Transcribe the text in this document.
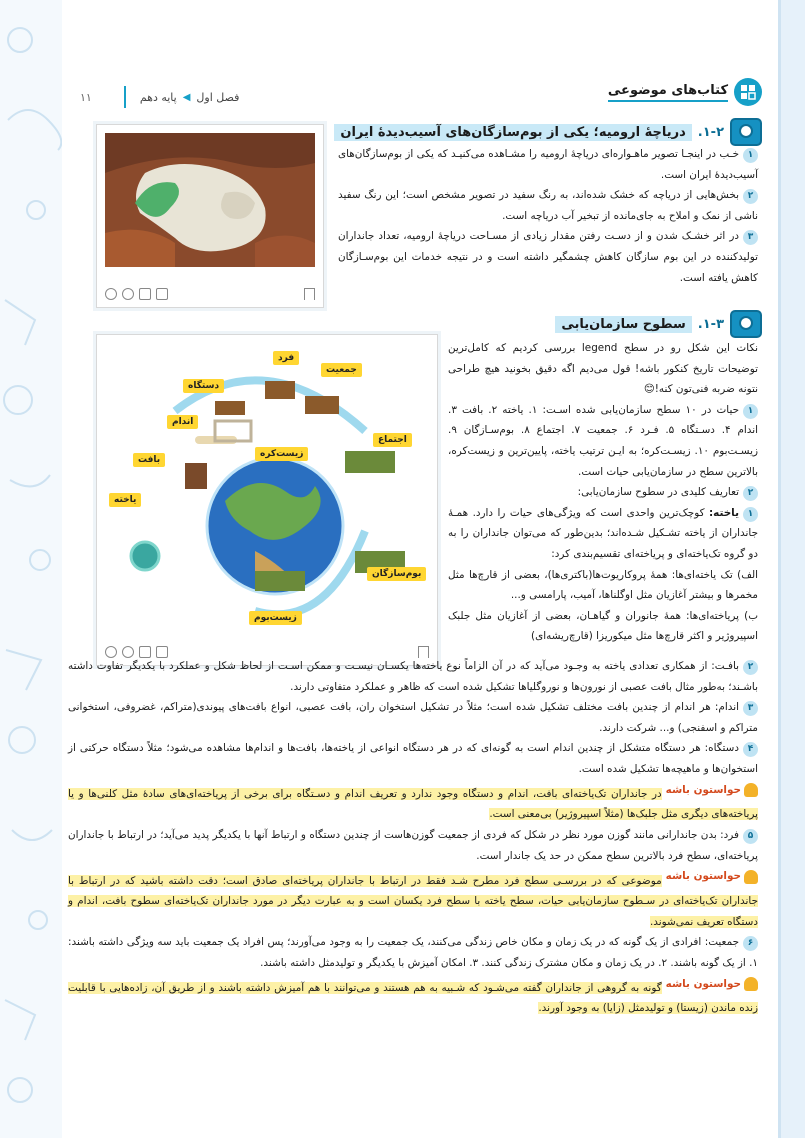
کتاب‌های موضوعی
فصل اول
◀
پایه دهم
۱۱
۱-۲.
دریاچۀ ارومیه؛ یکی از بوم‌سازگان‌های آسیب‌دیدۀ ایران
۱خـب در اینجـا تصویر ماهـواره‌ای دریاچۀ ارومیه را مشـاهده می‌کنیـد که یکی از بوم‌سازگان‌های آسیب‌دیدۀ ایران است.
۲بخش‌هایی از دریاچه که خشک شده‌اند، به رنگ سفید در تصویر مشخص است؛ این رنگ سفید ناشی از نمک و املاح به جای‌مانده از تبخیر آب دریاچه است.
۳در اثر خشـک شدن و از دسـت رفتن مقدار زیادی از مسـاحت دریاچۀ ارومیه، تعداد جانداران تولیدکننده در این بوم سازگان کاهش چشمگیر داشته است و در نتیجه خدمات این بوم‌سـازگان کاهش یافته است.
۱-۳.
سطوح سازمان‌یابی
فرد
جمعیت
دستگاه
اندام
اجتماع
بافت
یاخته
زیست‌کره
بوم‌سازگان
زیست‌بوم
نکات این شکل رو در سطح legend بررسی کردیم که کامل‌ترین توضیحات تاریخ کنکور باشه! قول می‌دیم اگه دقیق بخونید هیچ طراحی نتونه ضربه فنی‌تون کنه!😊
۱حیات در ۱۰ سطح سازمان‌یابی شده اسـت: ۱. یاخته ۲. بافت ۳. اندام ۴. دسـتگاه ۵. فـرد ۶. جمعیت ۷. اجتماع ۸. بوم‌سـازگان ۹. زیسـت‌بوم ۱۰. زیسـت‌کره؛ به ایـن ترتیب یاخته، پایین‌ترین و زیست‌کره، بالاترین سطح در سازمان‌یابی حیات است.
۲تعاریف کلیدی در سطوح سازمان‌یابی:
۱یاخته: کوچک‌ترین واحدی است که ویژگی‌های حیات را دارد. همـۀ جانداران از یاخته تشـکیل شـده‌اند؛ بدین‌طور که می‌توان جانداران را به دو گروه تک‌یاخته‌ای و پریاخته‌ای تقسیم‌بندی کرد:
الف) تک یاخته‌ای‌ها: همۀ پروکاریوت‌ها(باکتری‌ها)، بعضی از قارچ‌ها مثل مخمرها و بیشتر آغازیان مثل اوگلناها، آمیب، پارامسی و...
ب) پریاخته‌ای‌ها: همۀ جانوران و گیاهـان، بعضی از آغازیان مثل جلبک اسپیروژیر و اکثر قارچ‌ها مثل میکوریزا (قارچ‌ریشه‌ای)
۲بافـت: از همکاری تعدادی یاخته به وجـود می‌آید که در آن الزاماً نوع یاخته‌ها یکسـان نیسـت و ممکن اسـت از لحاظ شکل و عملکرد با یکدیگر تفاوت داشته باشـند؛ به‌طور مثال بافت عصبی از نورون‌ها و نوروگلیاها تشکیل شده است که ظاهر و عملکرد متفاوتی دارند.
۳اندام: هر اندام از چندین بافت مختلف تشکیل شده است؛ مثلاً در تشکیل استخوان ران، بافت عصبی، انواع بافت‌های پیوندی(متراکم، غضروفی، استخوانی متراکم و اسفنجی) و... شرکت دارند.
۴دستگاه: هر دستگاه متشکل از چندین اندام است به گونه‌ای که در هر دستگاه انواعی از یاخته‌ها، بافت‌ها و اندام‌ها مشاهده می‌شود؛ مثلاً دستگاه حرکتی از استخوان‌ها و ماهیچه‌ها تشکیل شده است.
حواستون باشه
در جانداران تک‌یاخته‌ای بافت، اندام و دستگاه وجود ندارد و تعریف اندام و دسـتگاه برای برخی از پریاخته‌ای‌های سادۀ مثل کلنی‌ها و یا پریاخته‌های دیگری مثل جلبک‌ها (مثلاً اسپیروژیر) بی‌معنی است.
۵فرد: بدن جاندارانی مانند گوزن مورد نظر در شکل که فردی از جمعیت گوزن‌هاست از چندین دستگاه و ارتباط آنها با یکدیگر پدید می‌آید؛ در ارتباط با جانداران پریاخته‌ای، سطح فرد بالاترین سطح ممکن در حد یک جاندار است.
حواستون باشه
موضوعی که در بررسـی سطح فرد مطرح شـد فقط در ارتباط با جانداران پریاخته‌ای صادق است؛ دقت داشته باشید که در ارتباط با جانداران تک‌یاخته‌ای در سـطوح سازمان‌یابی حیات، سطح یاخته با سطح فرد یکسان است و به عبارت دیگر در مورد جانداران تک‌یاخته‌ای سطوح بافت، اندام و دستگاه تعریف نمی‌شوند.
۶جمعیت: افرادی از یک گونه که در یک زمان و مکان خاص زندگی می‌کنند، یک جمعیت را به وجود می‌آورند؛ پس افراد یک جمعیت باید سه ویژگی داشته باشند: ۱. از یک گونه باشند. ۲. در یک زمان و مکان مشترک زندگی کنند. ۳. امکان آمیزش با یکدیگر و تولیدمثل داشته باشند.
حواستون باشه
گونه به گروهی از جانداران گفته می‌شـود که شـبیه به هم هستند و می‌توانند با هم آمیزش داشته باشند و از طریق آن، زاده‌هایی با قابلیت زنده ماندن (زیستا) و تولیدمثل (زایا) به وجود آورند.
